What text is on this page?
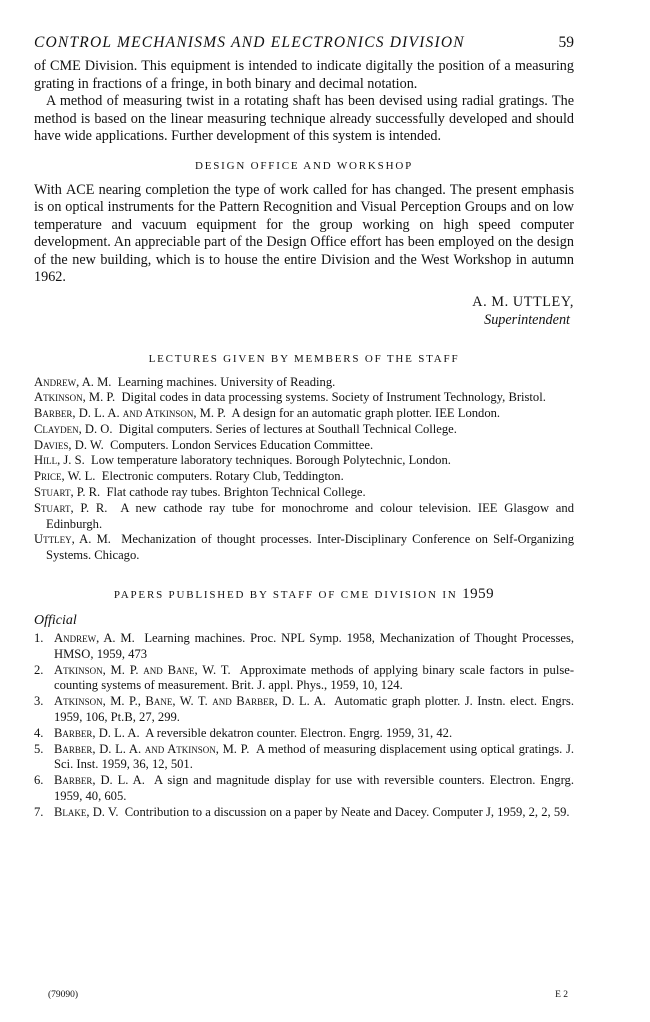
CONTROL MECHANISMS AND ELECTRONICS DIVISION	59

of CME Division. This equipment is intended to indicate digitally the position of a measuring grating in fractions of a fringe, in both binary and decimal notation.

A method of measuring twist in a rotating shaft has been devised using radial gratings. The method is based on the linear measuring technique already successfully developed and should have wide applications. Further development of this system is intended.

DESIGN OFFICE AND WORKSHOP

With ACE nearing completion the type of work called for has changed. The present emphasis is on optical instruments for the Pattern Recognition and Visual Perception Groups and on low temperature and vacuum equipment for the group working on high speed computer development. An appreciable part of the Design Office effort has been employed on the design of the new building, which is to house the entire Division and the West Workshop in autumn 1962.

A. M. UTTLEY,
Superintendent
LECTURES GIVEN BY MEMBERS OF THE STAFF
Andrew, A. M. Learning machines. University of Reading.
Atkinson, M. P. Digital codes in data processing systems. Society of Instrument Technology, Bristol.
Barber, D. L. A. and Atkinson, M. P. A design for an automatic graph plotter. IEE London.
Clayden, D. O. Digital computers. Series of lectures at Southall Technical College.
Davies, D. W. Computers. London Services Education Committee.
Hill, J. S. Low temperature laboratory techniques. Borough Polytechnic, London.
Price, W. L. Electronic computers. Rotary Club, Teddington.
Stuart, P. R. Flat cathode ray tubes. Brighton Technical College.
Stuart, P. R. A new cathode ray tube for monochrome and colour television. IEE Glasgow and Edinburgh.
Uttley, A. M. Mechanization of thought processes. Inter-Disciplinary Conference on Self-Organizing Systems. Chicago.
PAPERS PUBLISHED BY STAFF OF CME DIVISION IN 1959
Official
1. Andrew, A. M. Learning machines. Proc. NPL Symp. 1958, Mechanization of Thought Processes, HMSO, 1959, 473
2. Atkinson, M. P. and Bane, W. T. Approximate methods of applying binary scale factors in pulse-counting systems of measurement. Brit. J. appl. Phys., 1959, 10, 124.
3. Atkinson, M. P., Bane, W. T. and Barber, D. L. A. Automatic graph plotter. J. Instn. elect. Engrs. 1959, 106, Pt.B, 27, 299.
4. Barber, D. L. A. A reversible dekatron counter. Electron. Engrg. 1959, 31, 42.
5. Barber, D. L. A. and Atkinson, M. P. A method of measuring displacement using optical gratings. J. Sci. Inst. 1959, 36, 12, 501.
6. Barber, D. L. A. A sign and magnitude display for use with reversible counters. Electron. Engrg. 1959, 40, 605.
7. Blake, D. V. Contribution to a discussion on a paper by Neate and Dacey. Computer J, 1959, 2, 2, 59.
(79090)	E 2
